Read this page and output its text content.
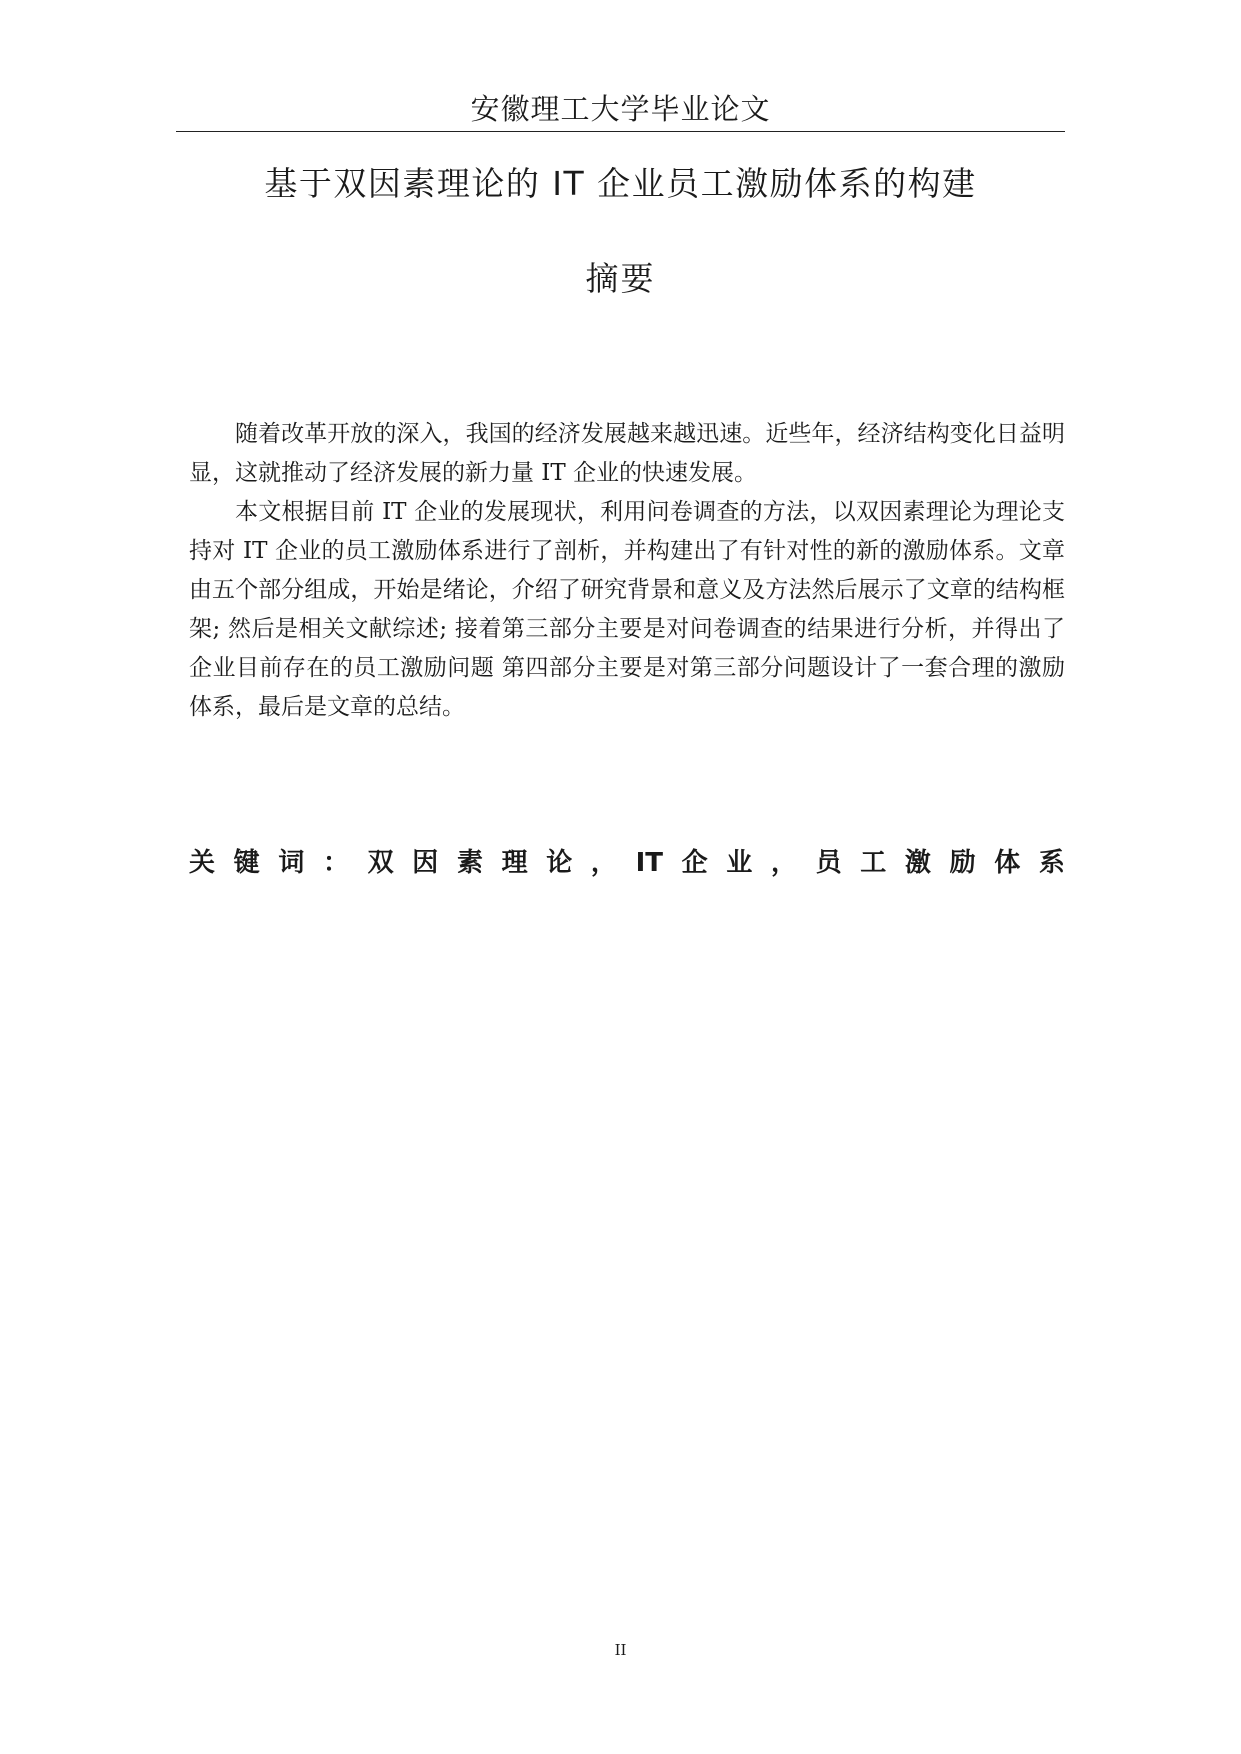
安徽理工大学毕业论文
基于双因素理论的 IT 企业员工激励体系的构建
摘要

随着改革开放的深入，我国的经济发展越来越迅速。近些年，经济结构变化日益明显，这就推动了经济发展的新力量 IT 企业的快速发展。

本文根据目前 IT 企业的发展现状，利用问卷调查的方法，以双因素理论为理论支持对 IT 企业的员工激励体系进行了剖析，并构建出了有针对性的新的激励体系。文章由五个部分组成，开始是绪论，介绍了研究背景和意义及方法然后展示了文章的结构框架; 然后是相关文献综述; 接着第三部分主要是对问卷调查的结果进行分析，并得出了企业目前存在的员工激励问题 第四部分主要是对第三部分问题设计了一套合理的激励体系，最后是文章的总结。

关 键 词 ： 双 因 素 理 论 ， IT 企 业 ， 员 工 激 励 体 系
II
